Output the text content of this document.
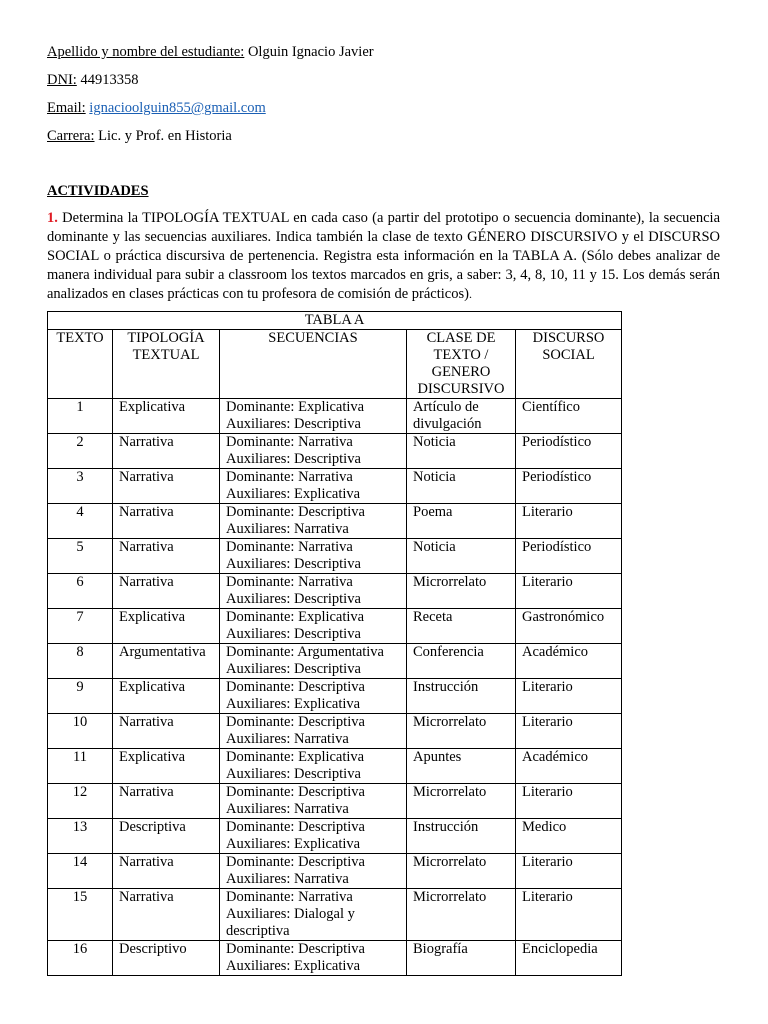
Apellido y nombre del estudiante: Olguin Ignacio Javier
DNI: 44913358
Email: ignacioolguin855@gmail.com
Carrera: Lic. y Prof. en Historia
ACTIVIDADES
1. Determina la TIPOLOGÍA TEXTUAL en cada caso (a partir del prototipo o secuencia dominante), la secuencia dominante y las secuencias auxiliares. Indica también la clase de texto GÉNERO DISCURSIVO y el DISCURSO SOCIAL o práctica discursiva de pertenencia. Registra esta información en la TABLA A. (Sólo debes analizar de manera individual para subir a classroom los textos marcados en gris, a saber: 3, 4, 8, 10, 11 y 15. Los demás serán analizados en clases prácticas con tu profesora de comisión de prácticos).
TABLA A				
TEXTO	TIPOLOGÍA TEXTUAL	SECUENCIAS	CLASE DE TEXTO / GENERO DISCURSIVO	DISCURSO SOCIAL
1	Explicativa	Dominante: Explicativa
Auxiliares: Descriptiva	Artículo de divulgación	Científico
2	Narrativa	Dominante: Narrativa
Auxiliares: Descriptiva	Noticia	Periodístico
3	Narrativa	Dominante: Narrativa
Auxiliares: Explicativa	Noticia	Periodístico
4	Narrativa	Dominante: Descriptiva
Auxiliares: Narrativa	Poema	Literario
5	Narrativa	Dominante: Narrativa
Auxiliares: Descriptiva	Noticia	Periodístico
6	Narrativa	Dominante: Narrativa
Auxiliares: Descriptiva	Microrrelato	Literario
7	Explicativa	Dominante: Explicativa
Auxiliares: Descriptiva	Receta	Gastronómico
8	Argumentativa	Dominante: Argumentativa
Auxiliares: Descriptiva	Conferencia	Académico
9	Explicativa	Dominante: Descriptiva
Auxiliares: Explicativa	Instrucción	Literario
10	Narrativa	Dominante: Descriptiva
Auxiliares: Narrativa	Microrrelato	Literario
11	Explicativa	Dominante: Explicativa
Auxiliares: Descriptiva	Apuntes	Académico
12	Narrativa	Dominante: Descriptiva
Auxiliares: Narrativa	Microrrelato	Literario
13	Descriptiva	Dominante: Descriptiva
Auxiliares: Explicativa	Instrucción	Medico
14	Narrativa	Dominante: Descriptiva
Auxiliares: Narrativa	Microrrelato	Literario
15	Narrativa	Dominante: Narrativa
Auxiliares: Dialogal y descriptiva	Microrrelato	Literario
16	Descriptivo	Dominante: Descriptiva
Auxiliares: Explicativa	Biografía	Enciclopedia
